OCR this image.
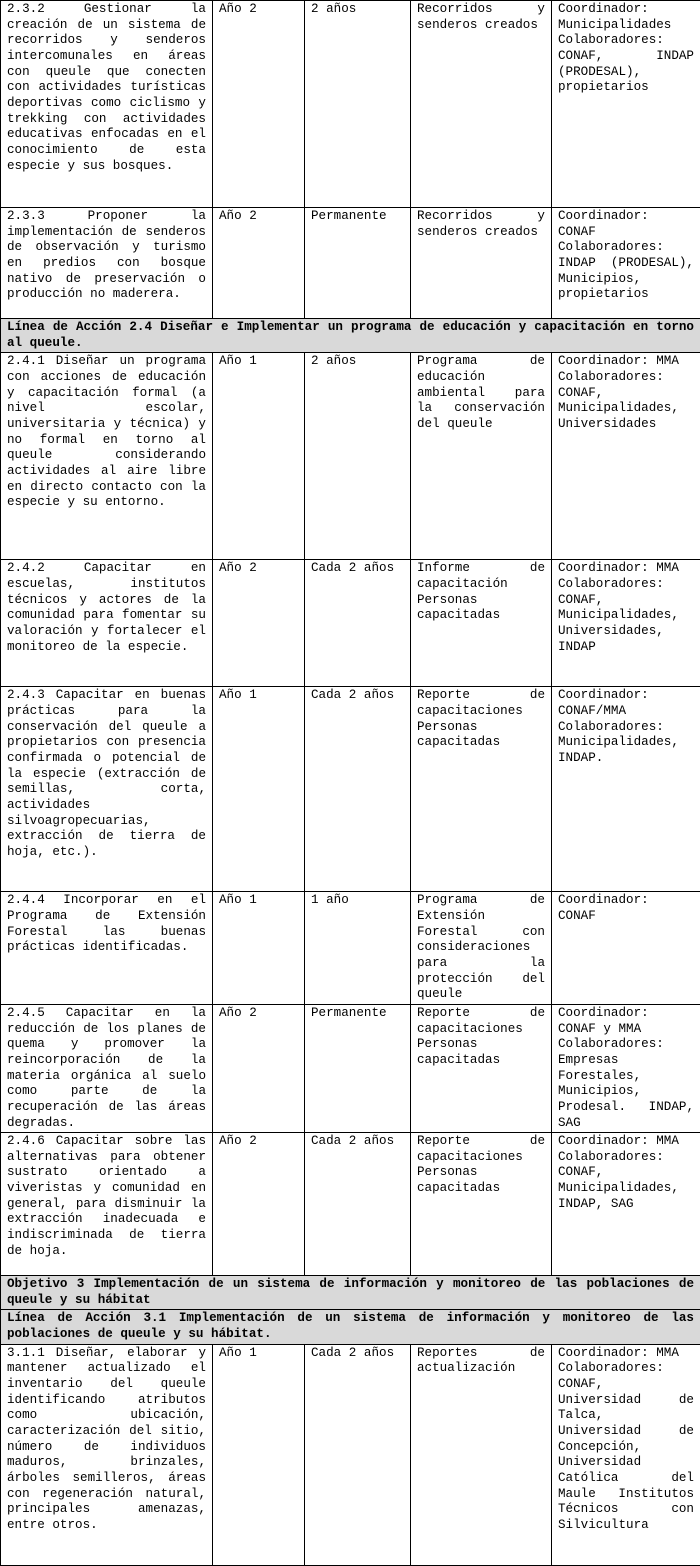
2.3.2 Gestionar la creación de un sistema de recorridos y senderos intercomunales en áreas con queule que conecten con actividades turísticas deportivas como ciclismo y trekking con actividades educativas enfocadas en el conocimiento de esta especie y sus bosques.	Año 2	2 años	Recorridos y senderos creados	Coordinador: Municipalidades
Colaboradores: CONAF, INDAP (PRODESAL), propietarios

2.3.3 Proponer la implementación de senderos de observación y turismo en predios con bosque nativo de preservación o producción no maderera.	Año 2	Permanente	Recorridos y senderos creados	Coordinador: CONAF
Colaboradores: INDAP (PRODESAL), Municipios, propietarios

Línea de Acción 2.4 Diseñar e Implementar un programa de educación y capacitación en torno al queule.				
2.4.1 Diseñar un programa con acciones de educación y capacitación formal (a nivel escolar, universitaria y técnica) y no formal en torno al queule considerando actividades al aire libre en directo contacto con la especie y su entorno.	Año 1	2 años	Programa de educación ambiental para la conservación del queule	Coordinador: MMA
Colaboradores: CONAF, Municipalidades, Universidades

2.4.2 Capacitar en escuelas, institutos técnicos y actores de la comunidad para fomentar su valoración y fortalecer el monitoreo de la especie.	Año 2	Cada 2 años	Informe de capacitación
Personas capacitadas	Coordinador: MMA
Colaboradores: CONAF, Municipalidades, Universidades, INDAP

2.4.3 Capacitar en buenas prácticas para la conservación del queule a propietarios con presencia confirmada o potencial de la especie (extracción de semillas, corta, actividades silvoagropecuarias, extracción de tierra de hoja, etc.).	Año 1	Cada 2 años	Reporte de capacitaciones
Personas capacitadas	Coordinador: CONAF/MMA
Colaboradores: Municipalidades, INDAP.

2.4.4 Incorporar en el Programa de Extensión Forestal las buenas prácticas identificadas.	Año 1	1 año	Programa de Extensión Forestal con consideraciones para la protección del queule	Coordinador: CONAF

2.4.5 Capacitar en la reducción de los planes de quema y promover la reincorporación de la materia orgánica al suelo como parte de la recuperación de las áreas degradas.	Año 2	Permanente	Reporte de capacitaciones
Personas capacitadas	Coordinador: CONAF y MMA
Colaboradores: Empresas Forestales, Municipios, Prodesal. INDAP, SAG

2.4.6 Capacitar sobre las alternativas para obtener sustrato orientado a viveristas y comunidad en general, para disminuir la extracción inadecuada e indiscriminada de tierra de hoja.	Año 2	Cada 2 años	Reporte de capacitaciones
Personas capacitadas	Coordinador: MMA
Colaboradores: CONAF, Municipalidades, INDAP, SAG

Objetivo 3 Implementación de un sistema de información y monitoreo de las poblaciones de queule y su hábitat				
Línea de Acción 3.1 Implementación de un sistema de información y monitoreo de las poblaciones de queule y su hábitat.				
3.1.1 Diseñar, elaborar y mantener actualizado el inventario del queule identificando atributos como ubicación, caracterización del sitio, número de individuos maduros, brinzales, árboles semilleros, áreas con regeneración natural, principales amenazas, entre otros.	Año 1	Cada 2 años	Reportes de actualización	Coordinador: MMA
Colaboradores: CONAF, Universidad de Talca, Universidad de Concepción, Universidad Católica del Maule Institutos Técnicos con Silvicultura
